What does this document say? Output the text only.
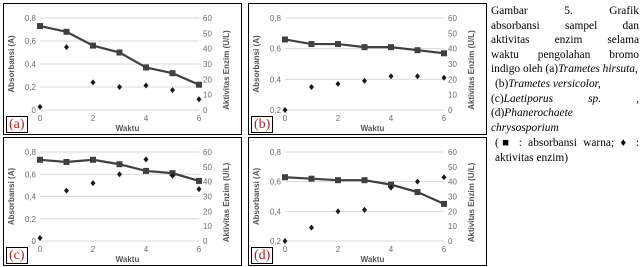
0
0,2
0,4
0,6
0,8
0
10
20
30
40
50
60
0	2	4	6
Waktu
Absorbansi (A)	Aktivitas Enzim (U/L)
(a)
0,2
0,4
0,6
0,8
0
10
20
30
40
50
60
0	2	4	6
Waktu
Absorbansi (A)	Aktivitas Enzim (U/L)
(b)
0
0,2
0,4
0,6
0,8
0
10
20
30
40
50
60
0	2	4	6
Waktu
Absorbansi (A)	Aktivitas Enzim (U/L)
(c)
0,2
0,4
0,6
0,8
0
10
20
30
40
50
60
0	2	4	6
Waktu
Absorbansi (A)	Aktivitas Enzim (U/L)
(d)

Gambar 5. Grafik

absorbansi sampel dan

aktivitas enzim selama

waktu pengolahan bromo

indigo oleh (a)Trametes hirsuta,

(b)Trametes versicolor,

(c)Laetiporus sp.	,

(d)Phanerochaete chrysosporium

(■ : absorbansi warna; ♦ : aktivitas enzim)
